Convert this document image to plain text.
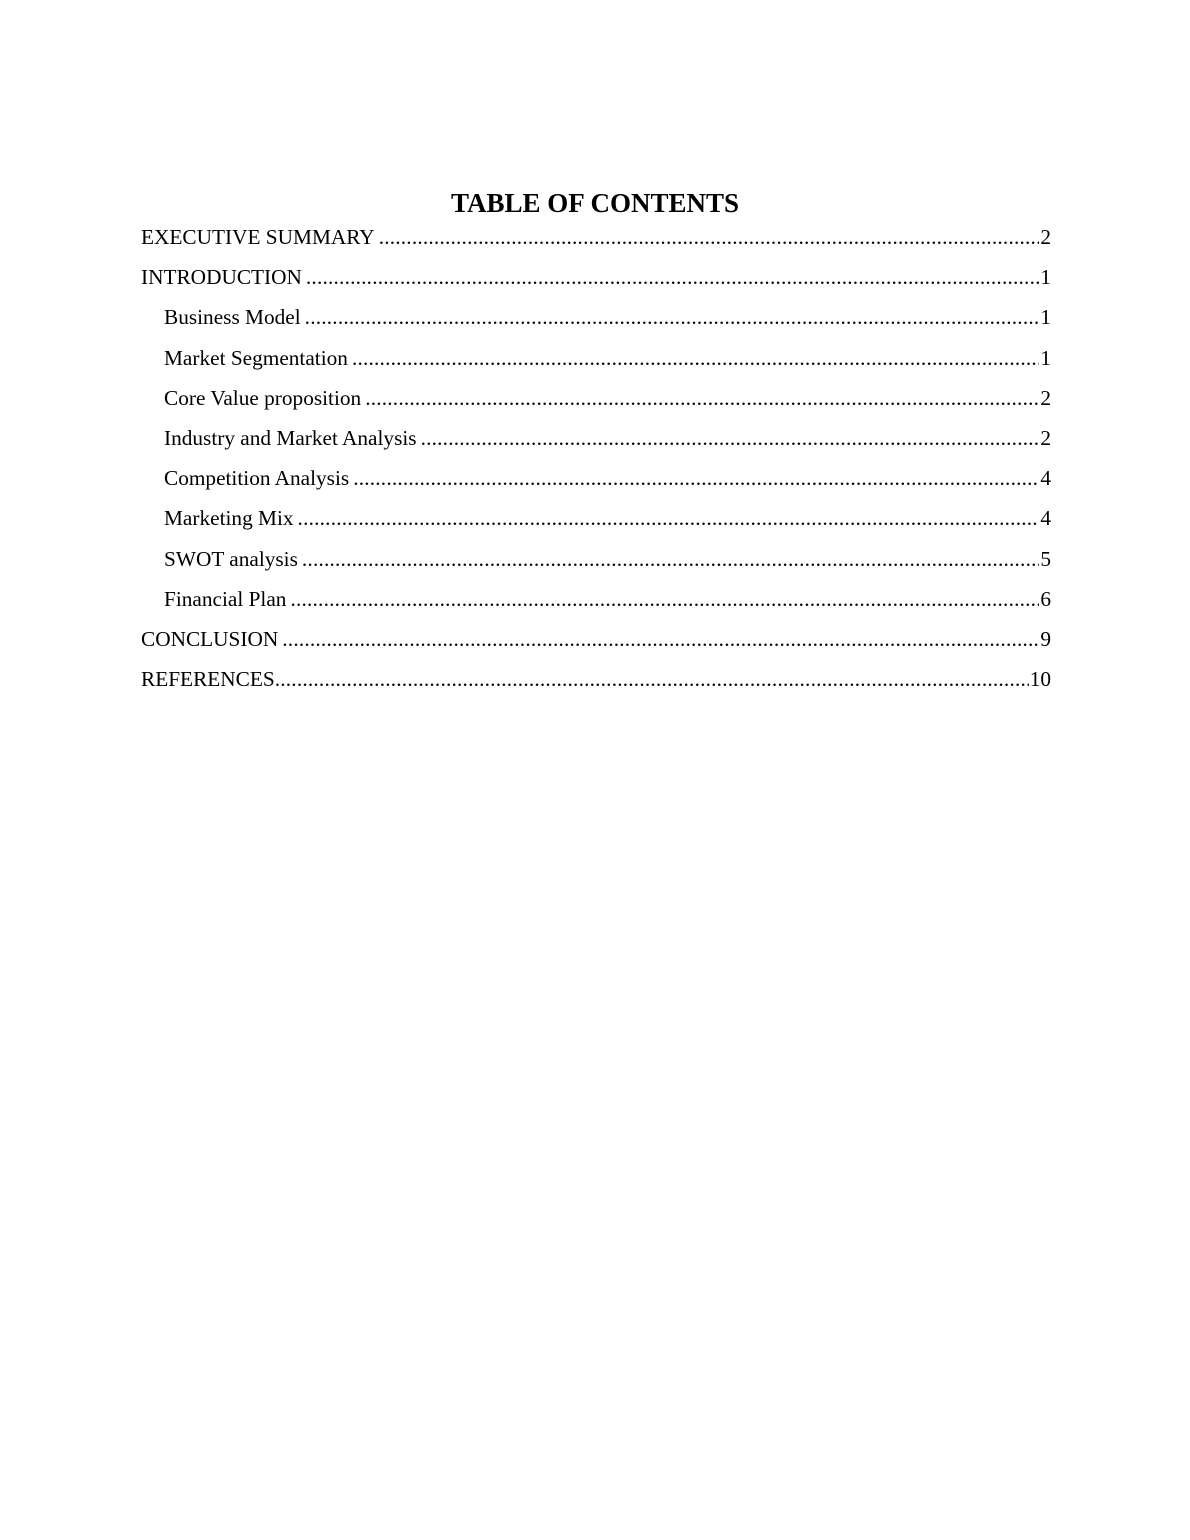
TABLE OF CONTENTS
EXECUTIVE SUMMARY .....	2
INTRODUCTION .....	1
Business Model .....	1
Market Segmentation .....	1
Core Value proposition .....	2
Industry and Market Analysis .....	2
Competition Analysis .....	4
Marketing Mix .....	4
SWOT analysis .....	5
Financial Plan .....	6
CONCLUSION .....	9
REFERENCES .....	10
